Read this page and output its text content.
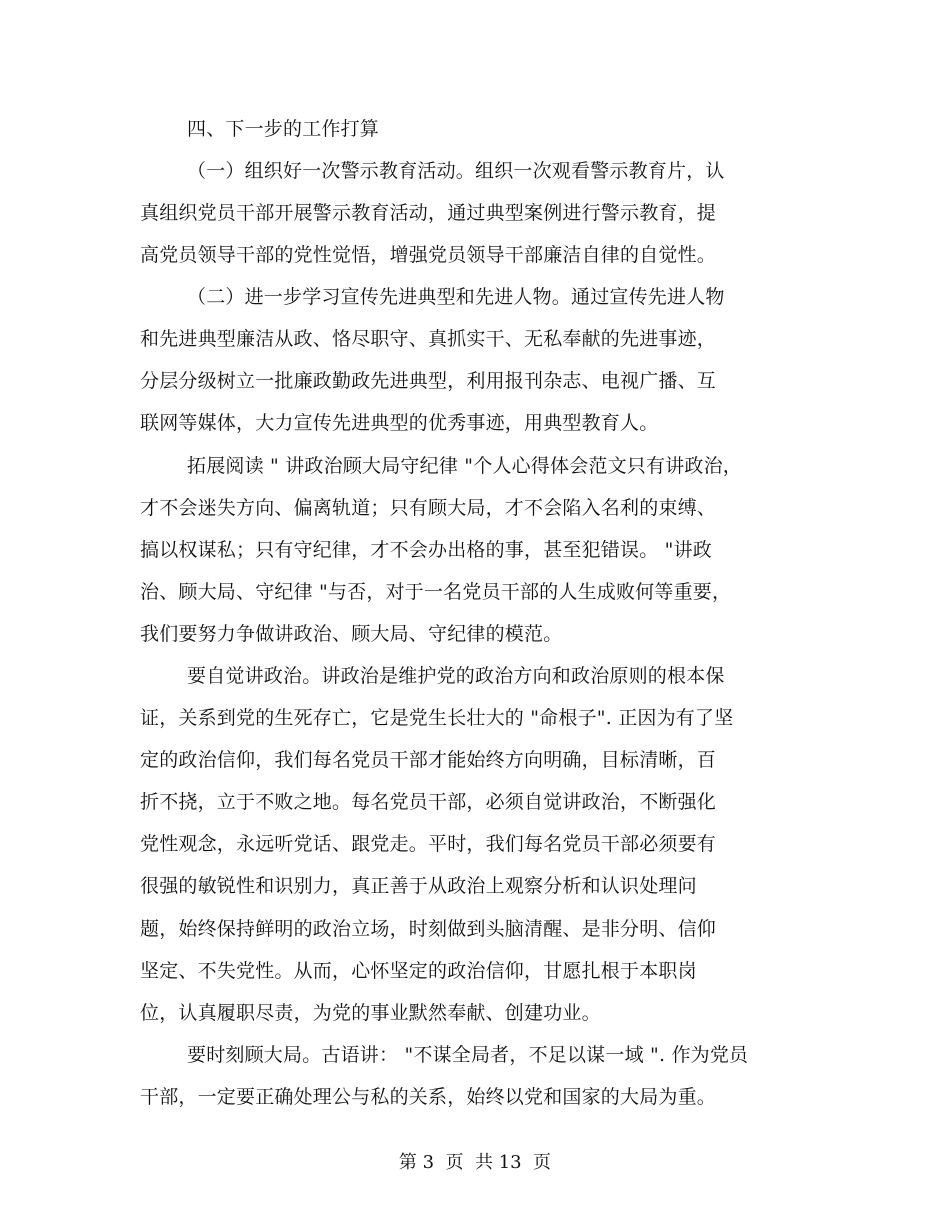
四、下一步的工作打算
（一）组织好一次警示教育活动。组织一次观看警示教育片，认
真组织党员干部开展警示教育活动，通过典型案例进行警示教育，提
高党员领导干部的党性觉悟，增强党员领导干部廉洁自律的自觉性。
（二）进一步学习宣传先进典型和先进人物。通过宣传先进人物
和先进典型廉洁从政、恪尽职守、真抓实干、无私奉献的先进事迹，
分层分级树立一批廉政勤政先进典型，利用报刊杂志、电视广播、互
联网等媒体，大力宣传先进典型的优秀事迹，用典型教育人。
拓展阅读 " 讲政治顾大局守纪律 "个人心得体会范文只有讲政治，
才不会迷失方向、偏离轨道；只有顾大局，才不会陷入名利的束缚、
搞以权谋私；只有守纪律，才不会办出格的事，甚至犯错误。 "讲政
治、顾大局、守纪律 "与否，对于一名党员干部的人生成败何等重要，
我们要努力争做讲政治、顾大局、守纪律的模范。
要自觉讲政治。讲政治是维护党的政治方向和政治原则的根本保
证，关系到党的生死存亡，它是党生长壮大的 "命根子". 正因为有了坚
定的政治信仰，我们每名党员干部才能始终方向明确，目标清晰，百
折不挠，立于不败之地。每名党员干部，必须自觉讲政治，不断强化
党性观念，永远听党话、跟党走。平时，我们每名党员干部必须要有
很强的敏锐性和识别力，真正善于从政治上观察分析和认识处理问
题，始终保持鲜明的政治立场，时刻做到头脑清醒、是非分明、信仰
坚定、不失党性。从而，心怀坚定的政治信仰，甘愿扎根于本职岗
位，认真履职尽责，为党的事业默然奉献、创建功业。
要时刻顾大局。古语讲： "不谋全局者，不足以谋一域 ". 作为党员
干部，一定要正确处理公与私的关系，始终以党和国家的大局为重。
第 3  页  共 13  页
